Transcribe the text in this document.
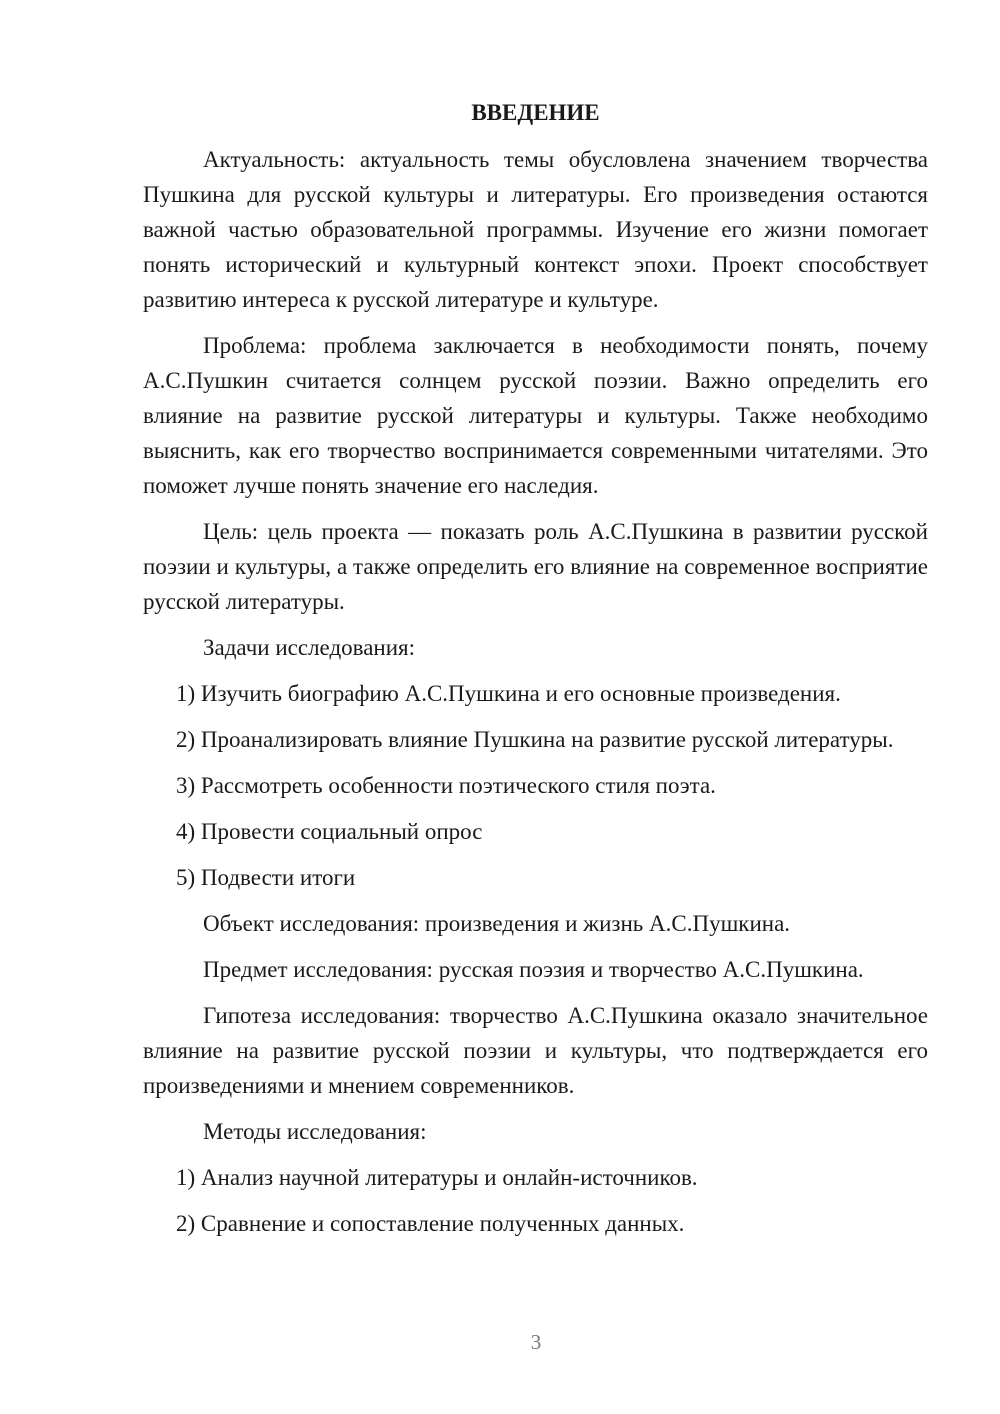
ВВЕДЕНИЕ

Актуальность: актуальность темы обусловлена значением творчества Пушкина для русской культуры и литературы. Его произведения остаются важной частью образовательной программы. Изучение его жизни помогает понять исторический и культурный контекст эпохи. Проект способствует развитию интереса к русской литературе и культуре.

Проблема: проблема заключается в необходимости понять, почему А.С.Пушкин считается солнцем русской поэзии. Важно определить его влияние на развитие русской литературы и культуры. Также необходимо выяснить, как его творчество воспринимается современными читателями. Это поможет лучше понять значение его наследия.

Цель: цель проекта — показать роль А.С.Пушкина в развитии русской поэзии и культуры, а также определить его влияние на современное восприятие русской литературы.

Задачи исследования:

1) Изучить биографию А.С.Пушкина и его основные произведения.

2) Проанализировать влияние Пушкина на развитие русской литературы.

3) Рассмотреть особенности поэтического стиля поэта.

4) Провести социальный опрос

5) Подвести итоги

Объект исследования: произведения и жизнь А.С.Пушкина.

Предмет исследования: русская поэзия и творчество А.С.Пушкина.

Гипотеза исследования: творчество А.С.Пушкина оказало значительное влияние на развитие русской поэзии и культуры, что подтверждается его произведениями и мнением современников.

Методы исследования:

1) Анализ научной литературы и онлайн-источников.

2) Сравнение и сопоставление полученных данных.

3
